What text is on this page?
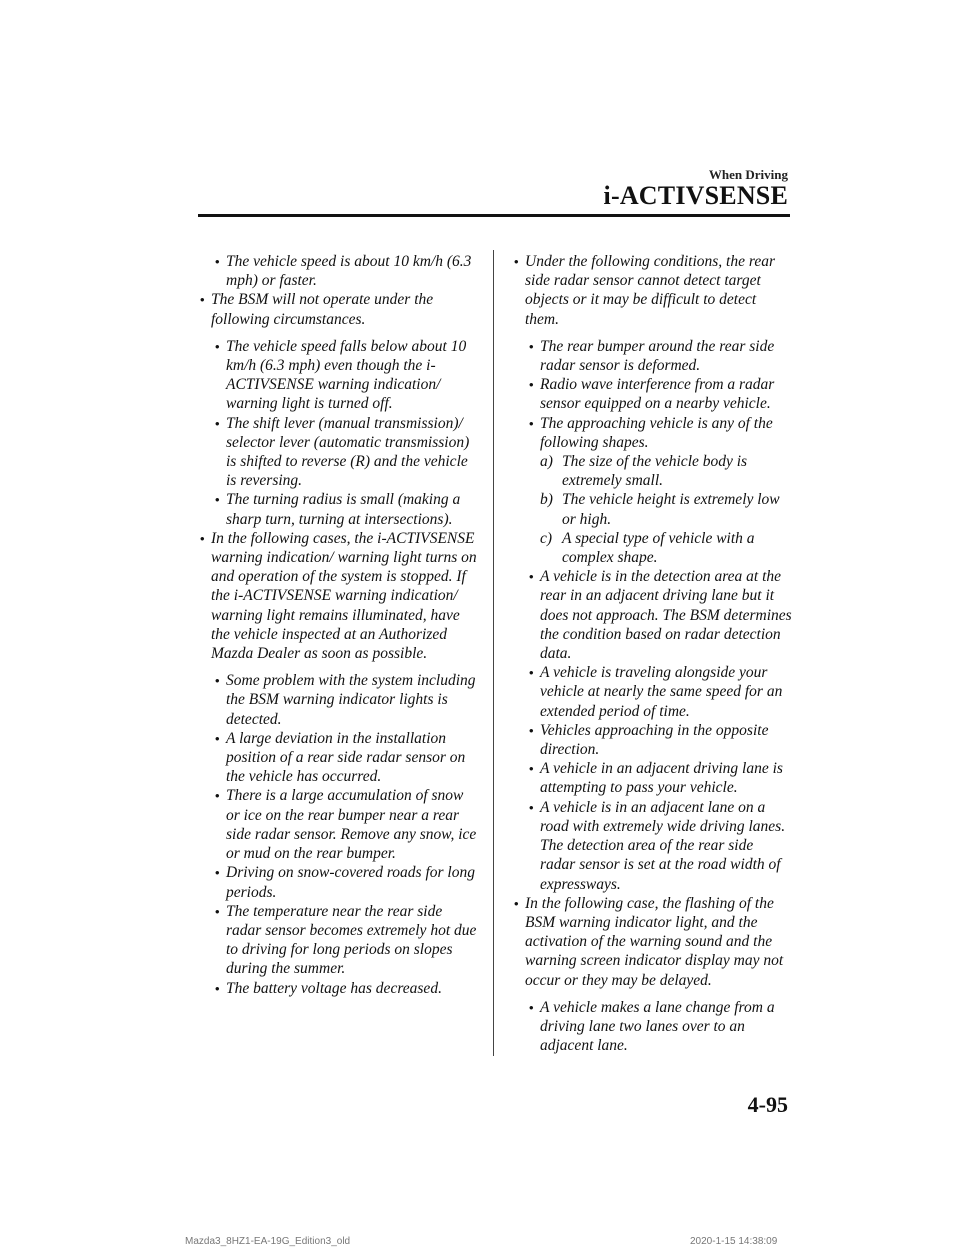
When Driving
i-ACTIVSENSE
• The vehicle speed is about 10 km/h (6.3 mph) or faster.
• The BSM will not operate under the following circumstances.
• The vehicle speed falls below about 10 km/h (6.3 mph) even though the i-ACTIVSENSE warning indication/ warning light is turned off.
• The shift lever (manual transmission)/ selector lever (automatic transmission) is shifted to reverse (R) and the vehicle is reversing.
• The turning radius is small (making a sharp turn, turning at intersections).
• In the following cases, the i-ACTIVSENSE warning indication/ warning light turns on and operation of the system is stopped. If the i-ACTIVSENSE warning indication/ warning light remains illuminated, have the vehicle inspected at an Authorized Mazda Dealer as soon as possible.
• Some problem with the system including the BSM warning indicator lights is detected.
• A large deviation in the installation position of a rear side radar sensor on the vehicle has occurred.
• There is a large accumulation of snow or ice on the rear bumper near a rear side radar sensor. Remove any snow, ice or mud on the rear bumper.
• Driving on snow-covered roads for long periods.
• The temperature near the rear side radar sensor becomes extremely hot due to driving for long periods on slopes during the summer.
• The battery voltage has decreased.
• Under the following conditions, the rear side radar sensor cannot detect target objects or it may be difficult to detect them.
• The rear bumper around the rear side radar sensor is deformed.
• Radio wave interference from a radar sensor equipped on a nearby vehicle.
• The approaching vehicle is any of the following shapes.
a) The size of the vehicle body is extremely small.
b) The vehicle height is extremely low or high.
c) A special type of vehicle with a complex shape.
• A vehicle is in the detection area at the rear in an adjacent driving lane but it does not approach. The BSM determines the condition based on radar detection data.
• A vehicle is traveling alongside your vehicle at nearly the same speed for an extended period of time.
• Vehicles approaching in the opposite direction.
• A vehicle in an adjacent driving lane is attempting to pass your vehicle.
• A vehicle is in an adjacent lane on a road with extremely wide driving lanes. The detection area of the rear side radar sensor is set at the road width of expressways.
• In the following case, the flashing of the BSM warning indicator light, and the activation of the warning sound and the warning screen indicator display may not occur or they may be delayed.
• A vehicle makes a lane change from a driving lane two lanes over to an adjacent lane.
4-95
Mazda3_8HZ1-EA-19G_Edition3_old	2020-1-15 14:38:09
